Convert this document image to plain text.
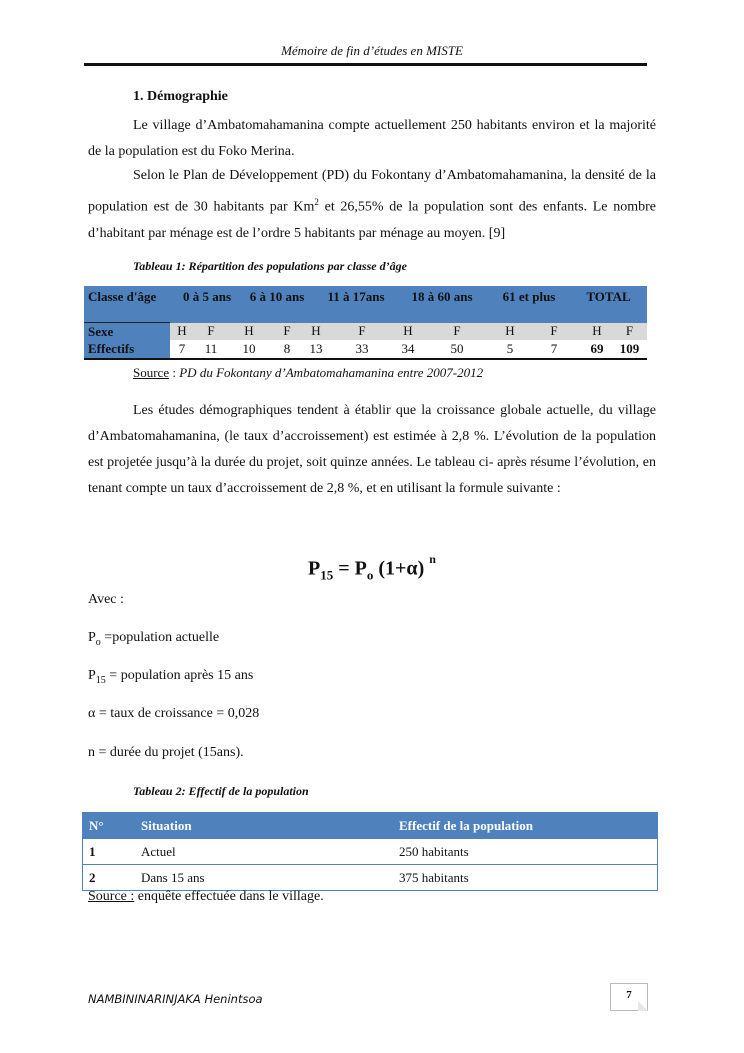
Mémoire de fin d’études en MISTE
1. Démographie
Le village d’Ambatomahamanina compte actuellement 250 habitants environ et la majorité de la population est du Foko Merina.
Selon le Plan de Développement (PD) du Fokontany d’Ambatomahamanina, la densité de la population est de 30 habitants par Km$^2$ et 26,55% de la population sont des enfants. Le nombre d’habitant par ménage est de l’ordre 5 habitants par ménage au moyen. [9]
Tableau 1: Répartition des populations par classe d’âge
Classe d'âge	0 à 5 ans	6 à 10 ans	11 à 17ans	18 à 60 ans	61 et plus	TOTAL
Sexe	H	F	H	F	H	F	H	F	H	F	H	F
Effectifs	7	11	10	8	13	33	34	50	5	7	69	109
Source : PD du Fokontany d’Ambatomahamanina entre 2007-2012
Les études démographiques tendent à établir que la croissance globale actuelle, du village d’Ambatomahamanina, (le taux d’accroissement) est estimée à 2,8 %. L’évolution de la population est projetée jusqu’à la durée du projet, soit quinze années. Le tableau ci- après résume l’évolution, en tenant compte un taux d’accroissement de 2,8 %, et en utilisant la formule suivante :
$P_{15} = P_o$ (1+α) $^n$
Avec :
$P_o$ =population actuelle
$P_{15}$ = population après 15 ans
α = taux de croissance = 0,028
n = durée du projet (15ans).
Tableau 2: Effectif de la population
N°	Situation	Effectif de la population
1	Actuel	250 habitants
2	Dans 15 ans	375 habitants
Source : enquête effectuée dans le village.
NAMBININARINJAKA Henintsoa	7
